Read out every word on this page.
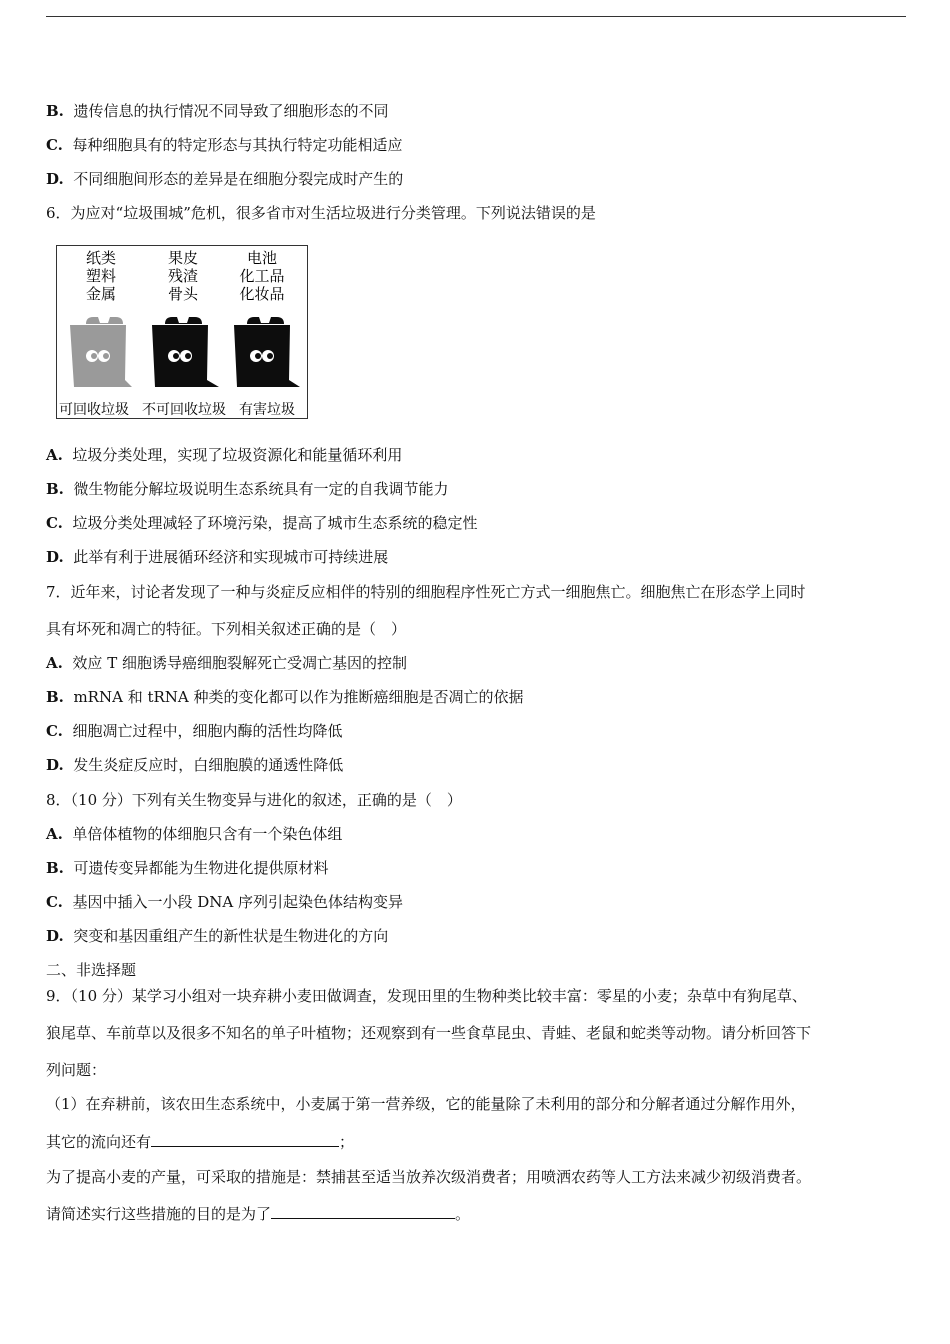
B. 遗传信息的执行情况不同导致了细胞形态的不同
C. 每种细胞具有的特定形态与其执行特定功能相适应
D. 不同细胞间形态的差异是在细胞分裂完成时产生的
6．为应对“垃圾围城”危机，很多省市对生活垃圾进行分类管理。下列说法错误的是
纸类
塑料
金属
果皮
残渣
骨头
电池
化工品
化妆品
可回收垃圾 不可回收垃圾 有害垃圾
A. 垃圾分类处理，实现了垃圾资源化和能量循环利用
B. 微生物能分解垃圾说明生态系统具有一定的自我调节能力
C. 垃圾分类处理减轻了环境污染，提高了城市生态系统的稳定性
D. 此举有利于进展循环经济和实现城市可持续进展
7．近年来，讨论者发现了一种与炎症反应相伴的特别的细胞程序性死亡方式一细胞焦亡。细胞焦亡在形态学上同时
具有坏死和凋亡的特征。下列相关叙述正确的是（　）
A. 效应 T 细胞诱导癌细胞裂解死亡受凋亡基因的控制
B. mRNA 和 tRNA 种类的变化都可以作为推断癌细胞是否凋亡的依据
C. 细胞凋亡过程中，细胞内酶的活性均降低
D. 发生炎症反应时，白细胞膜的通透性降低
8．（10 分）下列有关生物变异与进化的叙述，正确的是（　）
A. 单倍体植物的体细胞只含有一个染色体组
B. 可遗传变异都能为生物进化提供原材料
C. 基因中插入一小段 DNA 序列引起染色体结构变异
D. 突变和基因重组产生的新性状是生物进化的方向
二、非选择题
9．（10 分）某学习小组对一块弃耕小麦田做调查，发现田里的生物种类比较丰富：零星的小麦；杂草中有狗尾草、
狼尾草、车前草以及很多不知名的单子叶植物；还观察到有一些食草昆虫、青蛙、老鼠和蛇类等动物。请分析回答下
列问题：
（1）在弃耕前，该农田生态系统中，小麦属于第一营养级，它的能量除了未利用的部分和分解者通过分解作用外，
其它的流向还有	；
为了提高小麦的产量，可采取的措施是：禁捕甚至适当放养次级消费者；用喷洒农药等人工方法来减少初级消费者。
请简述实行这些措施的目的是为了	。
